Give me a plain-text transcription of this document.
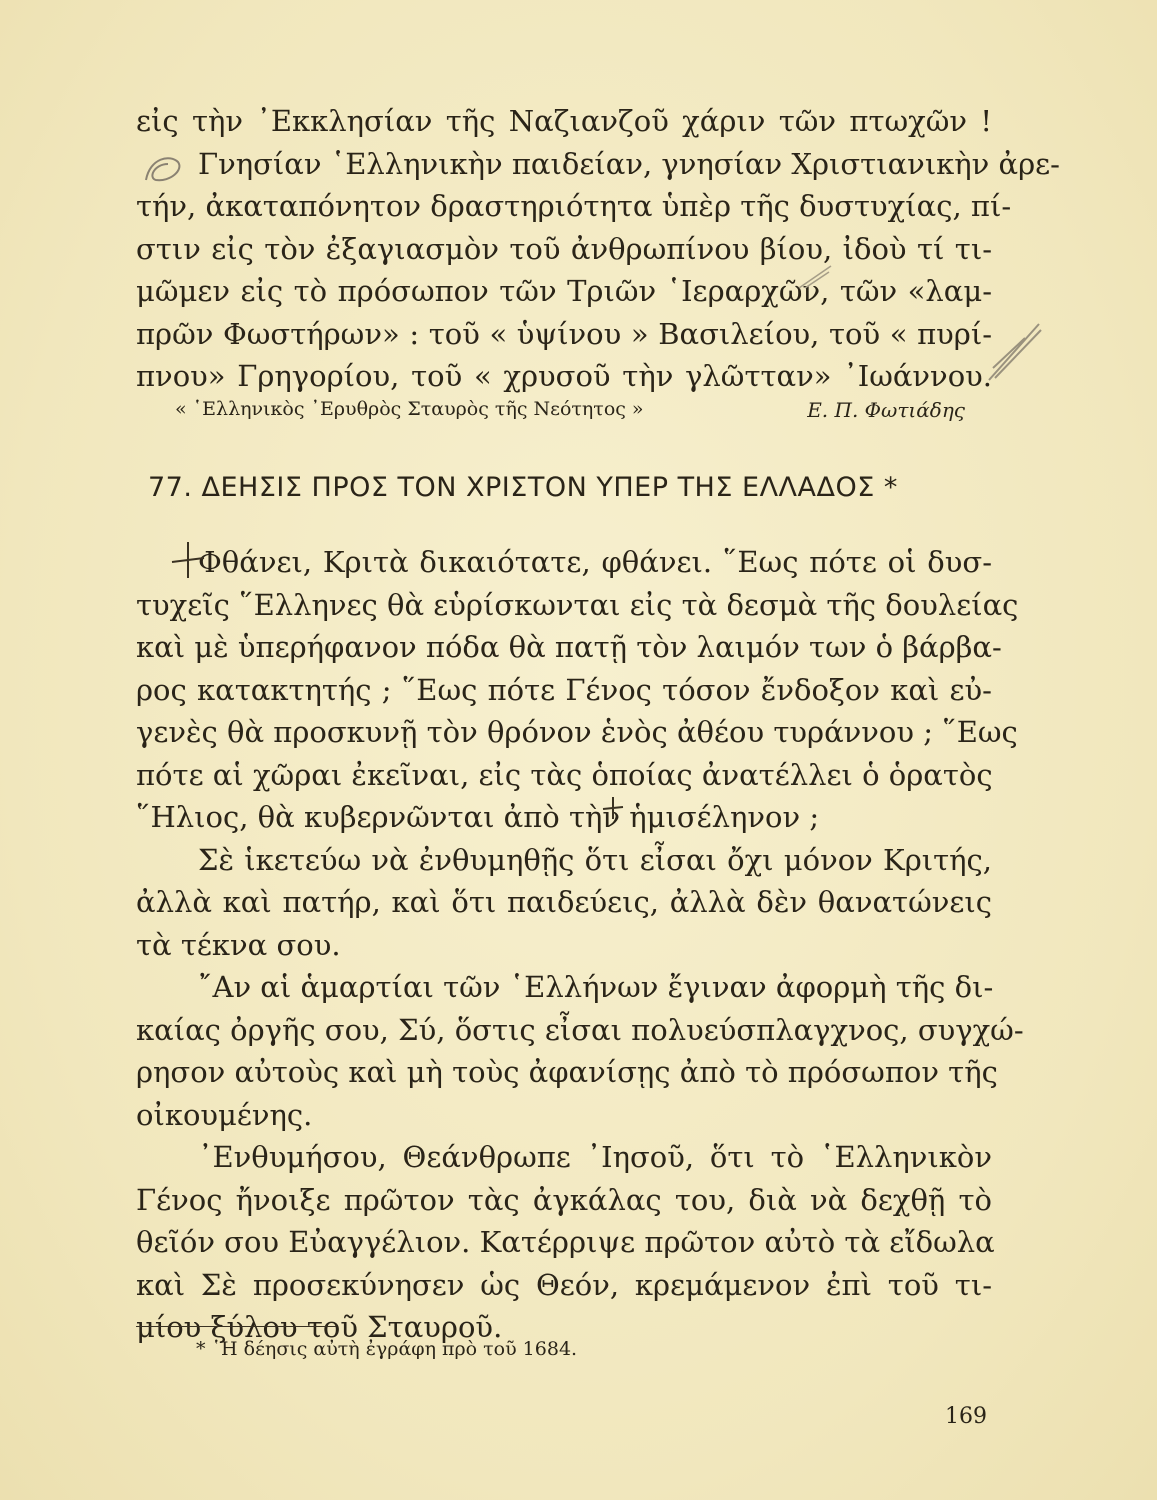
εἰς τὴν ᾿Εκκλησίαν τῆς Ναζιανζοῦ χάριν τῶν πτωχῶν !
Γνησίαν ῾Ελληνικὴν παιδείαν, γνησίαν Χριστιανικὴν ἀρε-
τήν, ἀκαταπόνητον δραστηριότητα ὑπὲρ τῆς δυστυχίας, πί-
στιν εἰς τὸν ἐξαγιασμὸν τοῦ ἀνθρωπίνου βίου, ἰδοὺ τί τι-
μῶμεν εἰς τὸ πρόσωπον τῶν Τριῶν ῾Ιεραρχῶν, τῶν «λαμ-
πρῶν Φωστήρων» : τοῦ « ὑψίνου » Βασιλείου, τοῦ « πυρί-
πνου» Γρηγορίου, τοῦ « χρυσοῦ τὴν γλῶτταν» ᾿Ιωάννου.
« ῾Ελληνικὸς ᾿Ερυθρὸς Σταυρὸς τῆς Νεότητος »	Ε. Π. Φωτιάδης
77. ΔΕΗΣΙΣ ΠΡΟΣ ΤΟΝ ΧΡΙΣΤΟΝ ΥΠΕΡ ΤΗΣ ΕΛΛΑΔΟΣ *
Φθάνει, Κριτὰ δικαιότατε, φθάνει. ῞Εως πότε οἱ δυσ-
τυχεῖς ῞Ελληνες θὰ εὑρίσκωνται εἰς τὰ δεσμὰ τῆς δουλείας
καὶ μὲ ὑπερήφανον πόδα θὰ πατῇ τὸν λαιμόν των ὁ βάρβα-
ρος κατακτητής ; ῞Εως πότε Γένος τόσον ἔνδοξον καὶ εὐ-
γενὲς θὰ προσκυνῇ τὸν θρόνον ἑνὸς ἀθέου τυράννου ; ῞Εως
πότε αἱ χῶραι ἐκεῖναι, εἰς τὰς ὁποίας ἀνατέλλει ὁ ὁρατὸς
῞Ηλιος, θὰ κυβερνῶνται ἀπὸ τὴν ἡμισέληνον ;
Σὲ ἱκετεύω νὰ ἐνθυμηθῇς ὅτι εἶσαι ὄχι μόνον Κριτής,
ἀλλὰ καὶ πατήρ, καὶ ὅτι παιδεύεις, ἀλλὰ δὲν θανατώνεις
τὰ τέκνα σου.
῎Αν αἱ ἁμαρτίαι τῶν ῾Ελλήνων ἔγιναν ἀφορμὴ τῆς δι-
καίας ὀργῆς σου, Σύ, ὅστις εἶσαι πολυεύσπλαγχνος, συγχώ-
ρησον αὐτοὺς καὶ μὴ τοὺς ἀφανίσῃς ἀπὸ τὸ πρόσωπον τῆς
οἰκουμένης.
᾿Ενθυμήσου, Θεάνθρωπε ᾿Ιησοῦ, ὅτι τὸ ῾Ελληνικὸν
Γένος ἤνοιξε πρῶτον τὰς ἀγκάλας του, διὰ νὰ δεχθῇ τὸ
θεῖόν σου Εὐαγγέλιον. Κατέρριψε πρῶτον αὐτὸ τὰ εἴδωλα
καὶ Σὲ προσεκύνησεν ὡς Θεόν, κρεμάμενον ἐπὶ τοῦ τι-
μίου ξύλου τοῦ Σταυροῦ.
* ῾Η δέησις αὐτὴ ἐγράφη πρὸ τοῦ 1684.
169
